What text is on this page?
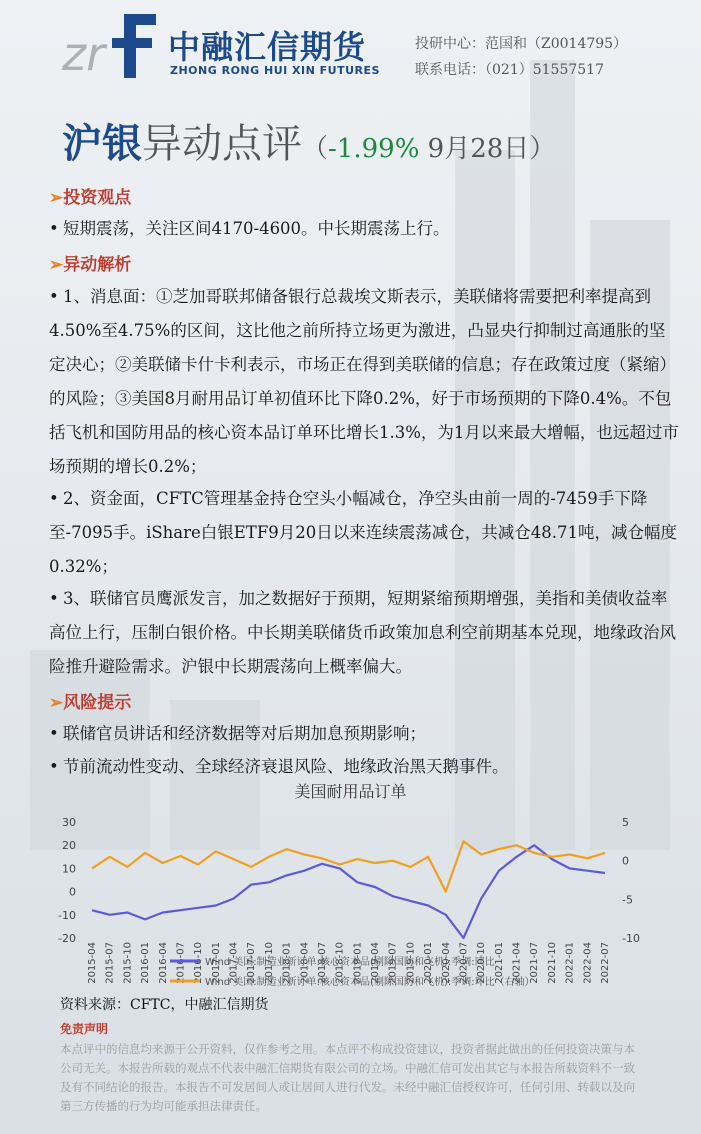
zr 中融汇信期货
ZHONG RONG HUI XIN FUTURES
投研中心：范国和（Z0014795）
联系电话：（021）51557517
沪银异动点评（-1.99% 9月28日）
➢投资观点
• 短期震荡，关注区间4170-4600。中长期震荡上行。
➢异动解析
• 1、消息面：①芝加哥联邦储备银行总裁埃文斯表示，美联储将需要把利率提高到4.50%至4.75%的区间，这比他之前所持立场更为激进，凸显央行抑制过高通胀的坚定决心；②美联储卡什卡利表示，市场正在得到美联储的信息；存在政策过度（紧缩）的风险；③美国8月耐用品订单初值环比下降0.2%，好于市场预期的下降0.4%。不包括飞机和国防用品的核心资本品订单环比增长1.3%，为1月以来最大增幅，也远超过市场预期的增长0.2%；
• 2、资金面，CFTC管理基金持仓空头小幅减仓，净空头由前一周的-7459手下降至-7095手。iShare白银ETF9月20日以来连续震荡减仓，共减仓48.71吨，减仓幅度0.32%；
• 3、联储官员鹰派发言，加之数据好于预期，短期紧缩预期增强，美指和美债收益率高位上行，压制白银价格。中长期美联储货币政策加息利空前期基本兑现，地缘政治风险推升避险需求。沪银中长期震荡向上概率偏大。
➢风险提示
• 联储官员讲话和经济数据等对后期加息预期影响；
• 节前流动性变动、全球经济衰退风险、地缘政治黑天鹅事件。
美国耐用品订单
30
20
10
0
-10
-20
5
0
-5
-10
2015-04 2015-07 2015-10 2016-01 2016-04 2016-07 2016-10 2017-01 2017-04 2017-07 2017-10 2018-01 2018-04 2018-07 2018-10 2019-01 2019-04 2019-07 2019-10 2020-01 2020-04 2020-07 2020-10 2021-01 2021-04 2021-07 2021-10 2022-01 2022-04 2022-07
Wind 美国:制造业新订单:核心资本品(剔除国防和飞机):季调:同比
Wind 美国:制造业新订单:核心资本品(剔除国防和飞机):季调:环比（右轴）
资料来源：CFTC，中融汇信期货
免责声明
本点评中的信息均来源于公开资料，仅作参考之用。本点评不构成投资建议，投资者据此做出的任何投资决策与本公司无关。本报告所载的观点不代表中融汇信期货有限公司的立场。中融汇信可发出其它与本报告所载资料不一致及有不同结论的报告。本报告不可发居间人或让居间人进行代发。未经中融汇信授权许可，任何引用、转载以及向第三方传播的行为均可能承担法律责任。
